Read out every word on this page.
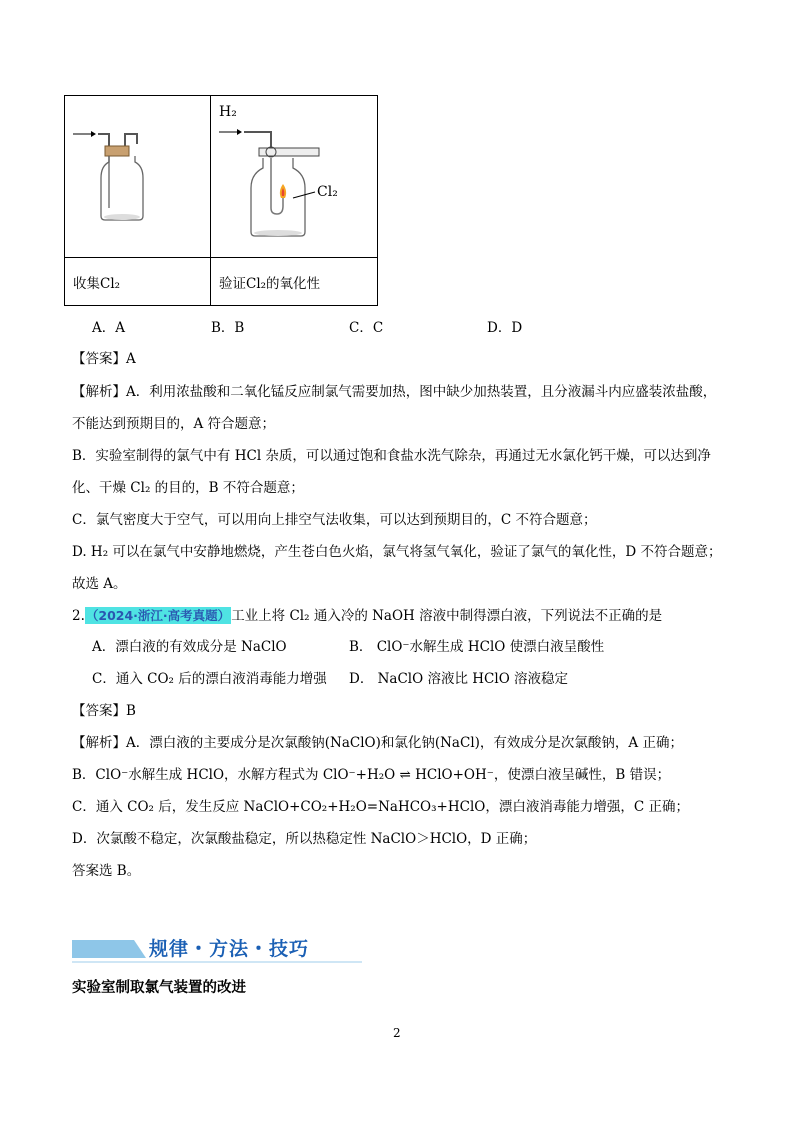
H₂
Cl₂
收集Cl₂	验证Cl₂的氧化性
A．A	B．B	C．C	D．D
【答案】A
【解析】A．利用浓盐酸和二氧化锰反应制氯气需要加热，图中缺少加热装置，且分液漏斗内应盛装浓盐酸，
不能达到预期目的，A 符合题意；
B．实验室制得的氯气中有 HCl 杂质，可以通过饱和食盐水洗气除杂，再通过无水氯化钙干燥，可以达到净
化、干燥 Cl₂ 的目的，B 不符合题意；
C．氯气密度大于空气，可以用向上排空气法收集，可以达到预期目的，C 不符合题意；
D. H₂ 可以在氯气中安静地燃烧，产生苍白色火焰，氯气将氢气氧化，验证了氯气的氧化性，D 不符合题意；
故选 A。
2.（2024·浙江·高考真题）工业上将 Cl₂ 通入冷的 NaOH 溶液中制得漂白液，下列说法不正确的是
A．漂白液的有效成分是 NaClO	B． ClO⁻水解生成 HClO 使漂白液呈酸性
C．通入 CO₂ 后的漂白液消毒能力增强 D． NaClO 溶液比 HClO 溶液稳定
【答案】B
【解析】A．漂白液的主要成分是次氯酸钠(NaClO)和氯化钠(NaCl)，有效成分是次氯酸钠，A 正确；
B．ClO⁻水解生成 HClO，水解方程式为 ClO⁻+H₂O ⇌ HClO+OH⁻，使漂白液呈碱性，B 错误；
C．通入 CO₂ 后，发生反应 NaClO+CO₂+H₂O=NaHCO₃+HClO，漂白液消毒能力增强，C 正确；
D．次氯酸不稳定，次氯酸盐稳定，所以热稳定性 NaClO＞HClO，D 正确；
答案选 B。
规律・方法・技巧
实验室制取氯气装置的改进
2
